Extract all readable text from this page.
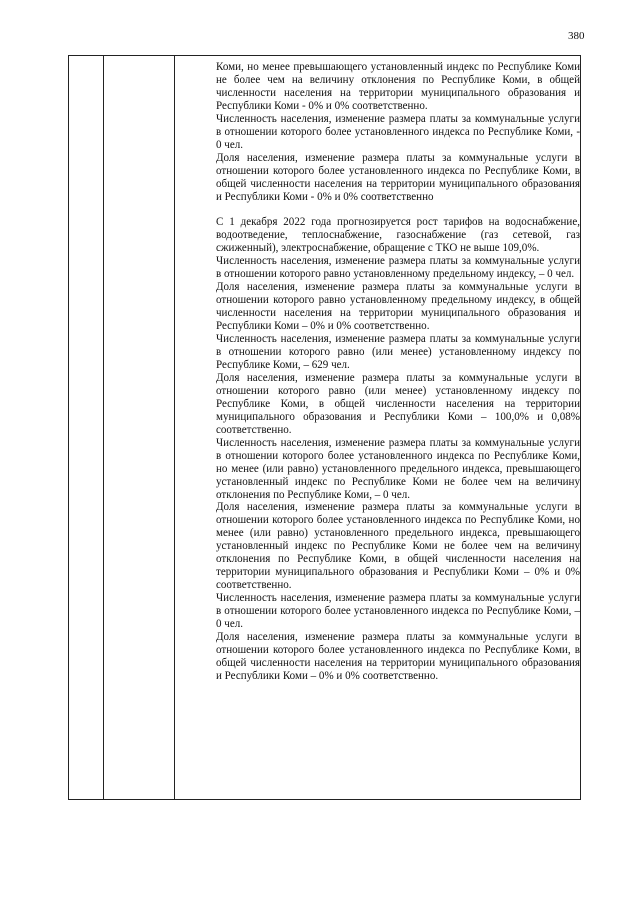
380

Коми, но менее превышающего установленный индекс по Республике Коми не более чем на величину отклонения по Республике Коми, в общей численности населения на территории муниципального образования и Республики Коми - 0% и 0% соответственно.

Численность населения, изменение размера платы за коммунальные услуги в отношении которого более установленного индекса по Республике Коми, - 0 чел.

Доля населения, изменение размера платы за коммунальные услуги в отношении которого более установленного индекса по Республике Коми, в общей численности населения на территории муниципального образования и Республики Коми - 0% и 0% соответственно

С 1 декабря 2022 года прогнозируется рост тарифов на водоснабжение, водоотведение, теплоснабжение, газоснабжение (газ сетевой, газ сжиженный), электроснабжение, обращение с ТКО не выше 109,0%.

Численность населения, изменение размера платы за коммунальные услуги в отношении которого равно установленному предельному индексу, – 0 чел.

Доля населения, изменение размера платы за коммунальные услуги в отношении которого равно установленному предельному индексу, в общей численности населения на территории муниципального образования и Республики Коми – 0% и 0% соответственно.

Численность населения, изменение размера платы за коммунальные услуги в отношении которого равно (или менее) установленному индексу по Республике Коми, – 629 чел.

Доля населения, изменение размера платы за коммунальные услуги в отношении которого равно (или менее) установленному индексу по Республике Коми, в общей численности населения на территории муниципального образования и Республики Коми – 100,0% и 0,08% соответственно.

Численность населения, изменение размера платы за коммунальные услуги в отношении которого более установленного индекса по Республике Коми, но менее (или равно) установленного предельного индекса, превышающего установленный индекс по Республике Коми не более чем на величину отклонения по Республике Коми, – 0 чел.

Доля населения, изменение размера платы за коммунальные услуги в отношении которого более установленного индекса по Республике Коми, но менее (или равно) установленного предельного индекса, превышающего установленный индекс по Республике Коми не более чем на величину отклонения по Республике Коми, в общей численности населения на территории муниципального образования и Республики Коми – 0% и 0% соответственно.

Численность населения, изменение размера платы за коммунальные услуги в отношении которого более установленного индекса по Республике Коми, – 0 чел.

Доля населения, изменение размера платы за коммунальные услуги в отношении которого более установленного индекса по Республике Коми, в общей численности населения на территории муниципального образования и Республики Коми – 0% и 0% соответственно.
